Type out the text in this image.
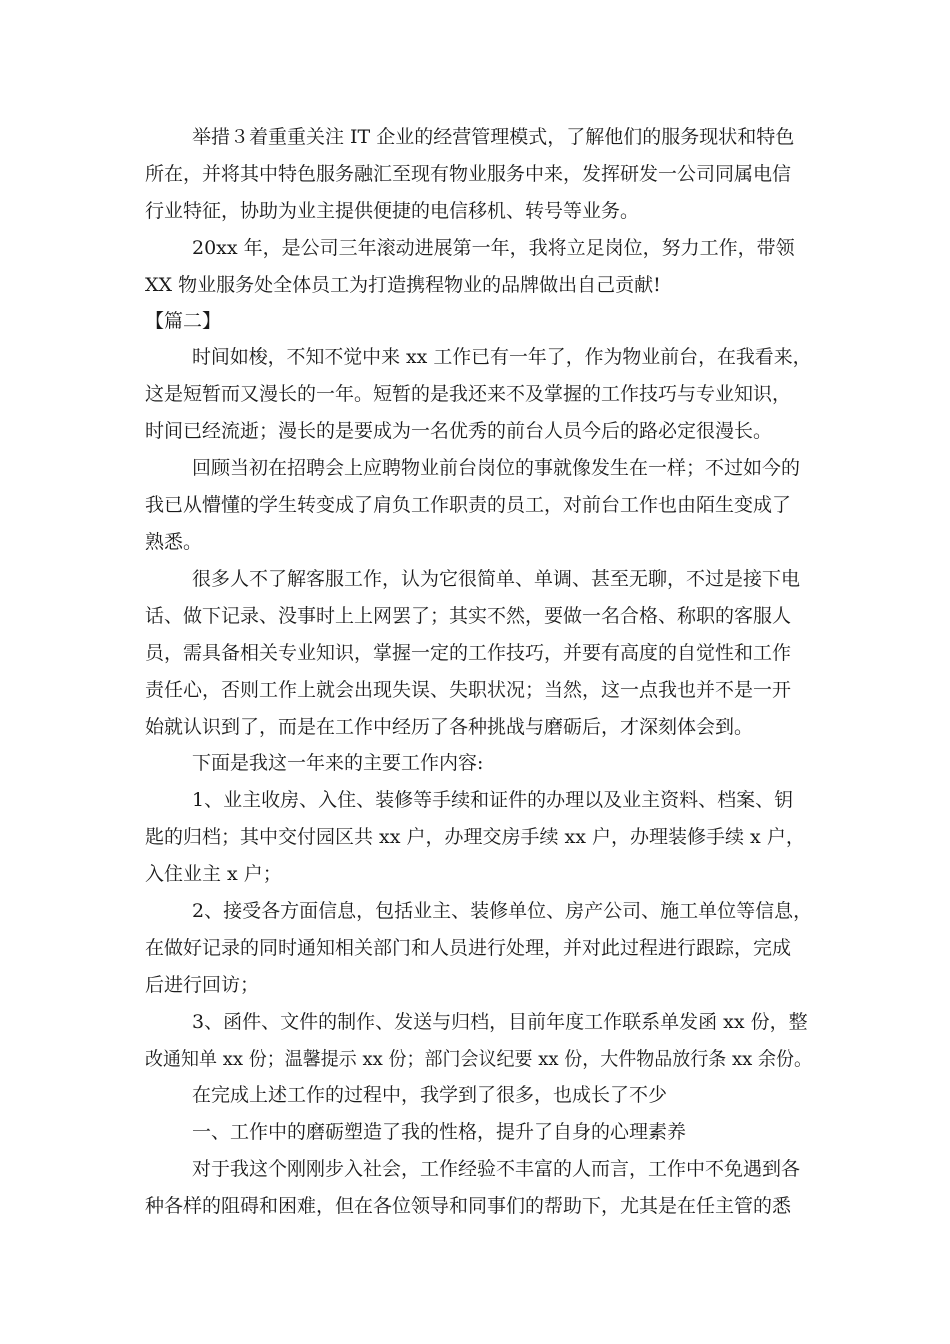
举措３着重重关注 IT 企业的经营管理模式，了解他们的服务现状和特色
所在，并将其中特色服务融汇至现有物业服务中来，发挥研发一公司同属电信
行业特征，协助为业主提供便捷的电信移机、转号等业务。
20xx 年，是公司三年滚动进展第一年，我将立足岗位，努力工作，带领
XX 物业服务处全体员工为打造携程物业的品牌做出自己贡献!
【篇二】
时间如梭，不知不觉中来 xx 工作已有一年了，作为物业前台，在我看来，
这是短暂而又漫长的一年。短暂的是我还来不及掌握的工作技巧与专业知识，
时间已经流逝；漫长的是要成为一名优秀的前台人员今后的路必定很漫长。
回顾当初在招聘会上应聘物业前台岗位的事就像发生在一样；不过如今的
我已从懵懂的学生转变成了肩负工作职责的员工，对前台工作也由陌生变成了
熟悉。
很多人不了解客服工作，认为它很简单、单调、甚至无聊，不过是接下电
话、做下记录、没事时上上网罢了；其实不然，要做一名合格、称职的客服人
员，需具备相关专业知识，掌握一定的工作技巧，并要有高度的自觉性和工作
责任心，否则工作上就会出现失误、失职状况；当然，这一点我也并不是一开
始就认识到了，而是在工作中经历了各种挑战与磨砺后，才深刻体会到。
下面是我这一年来的主要工作内容:
1、业主收房、入住、装修等手续和证件的办理以及业主资料、档案、钥
匙的归档；其中交付园区共 xx 户，办理交房手续 xx 户，办理装修手续 x 户，
入住业主 x 户；
2、接受各方面信息，包括业主、装修单位、房产公司、施工单位等信息，
在做好记录的同时通知相关部门和人员进行处理，并对此过程进行跟踪，完成
后进行回访；
3、函件、文件的制作、发送与归档，目前年度工作联系单发函 xx 份，整
改通知单 xx 份；温馨提示 xx 份；部门会议纪要 xx 份，大件物品放行条 xx 余份。
在完成上述工作的过程中，我学到了很多，也成长了不少
一、工作中的磨砺塑造了我的性格，提升了自身的心理素养
对于我这个刚刚步入社会，工作经验不丰富的人而言，工作中不免遇到各
种各样的阻碍和困难，但在各位领导和同事们的帮助下，尤其是在任主管的悉
